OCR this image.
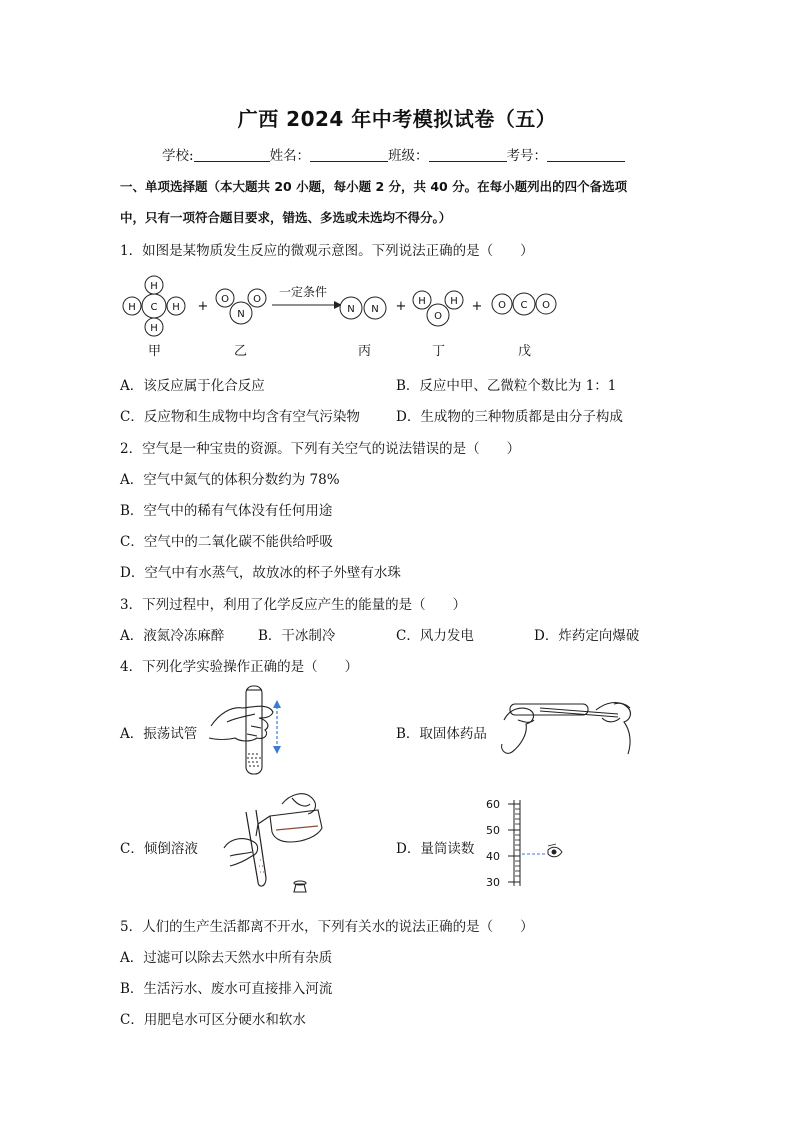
广西 2024 年中考模拟试卷（五）
学校:	姓名：	班级：	考号：
一、单项选择题（本大题共 20 小题，每小题 2 分，共 40 分。在每小题列出的四个备选项
中，只有一项符合题目要求，错选、多选或未选均不得分。）
1．如图是某物质发生反应的微观示意图。下列说法正确的是（　　）
H
H
H	H
C	+ O O
N
一定条件
N N + H H
O
+ O C O
甲	乙	丙	丁	戊
A．该反应属于化合反应	B．反应中甲、乙微粒个数比为 1：1
C．反应物和生成物中均含有空气污染物	D．生成物的三种物质都是由分子构成
2．空气是一种宝贵的资源。下列有关空气的说法错误的是（　　）
A．空气中氮气的体积分数约为 78%
B．空气中的稀有气体没有任何用途
C．空气中的二氧化碳不能供给呼吸
D．空气中有水蒸气，故放冰的杯子外壁有水珠
3．下列过程中，利用了化学反应产生的能量的是（　　）
A．液氮冷冻麻醉	B．干冰制冷	C．风力发电	D．炸药定向爆破
4．下列化学实验操作正确的是（　　）
A．振荡试管	B．取固体药品
C．倾倒溶液	D．量筒读数
60
50
40
30
5．人们的生产生活都离不开水，下列有关水的说法正确的是（　　）
A．过滤可以除去天然水中所有杂质
B．生活污水、废水可直接排入河流
C．用肥皂水可区分硬水和软水
